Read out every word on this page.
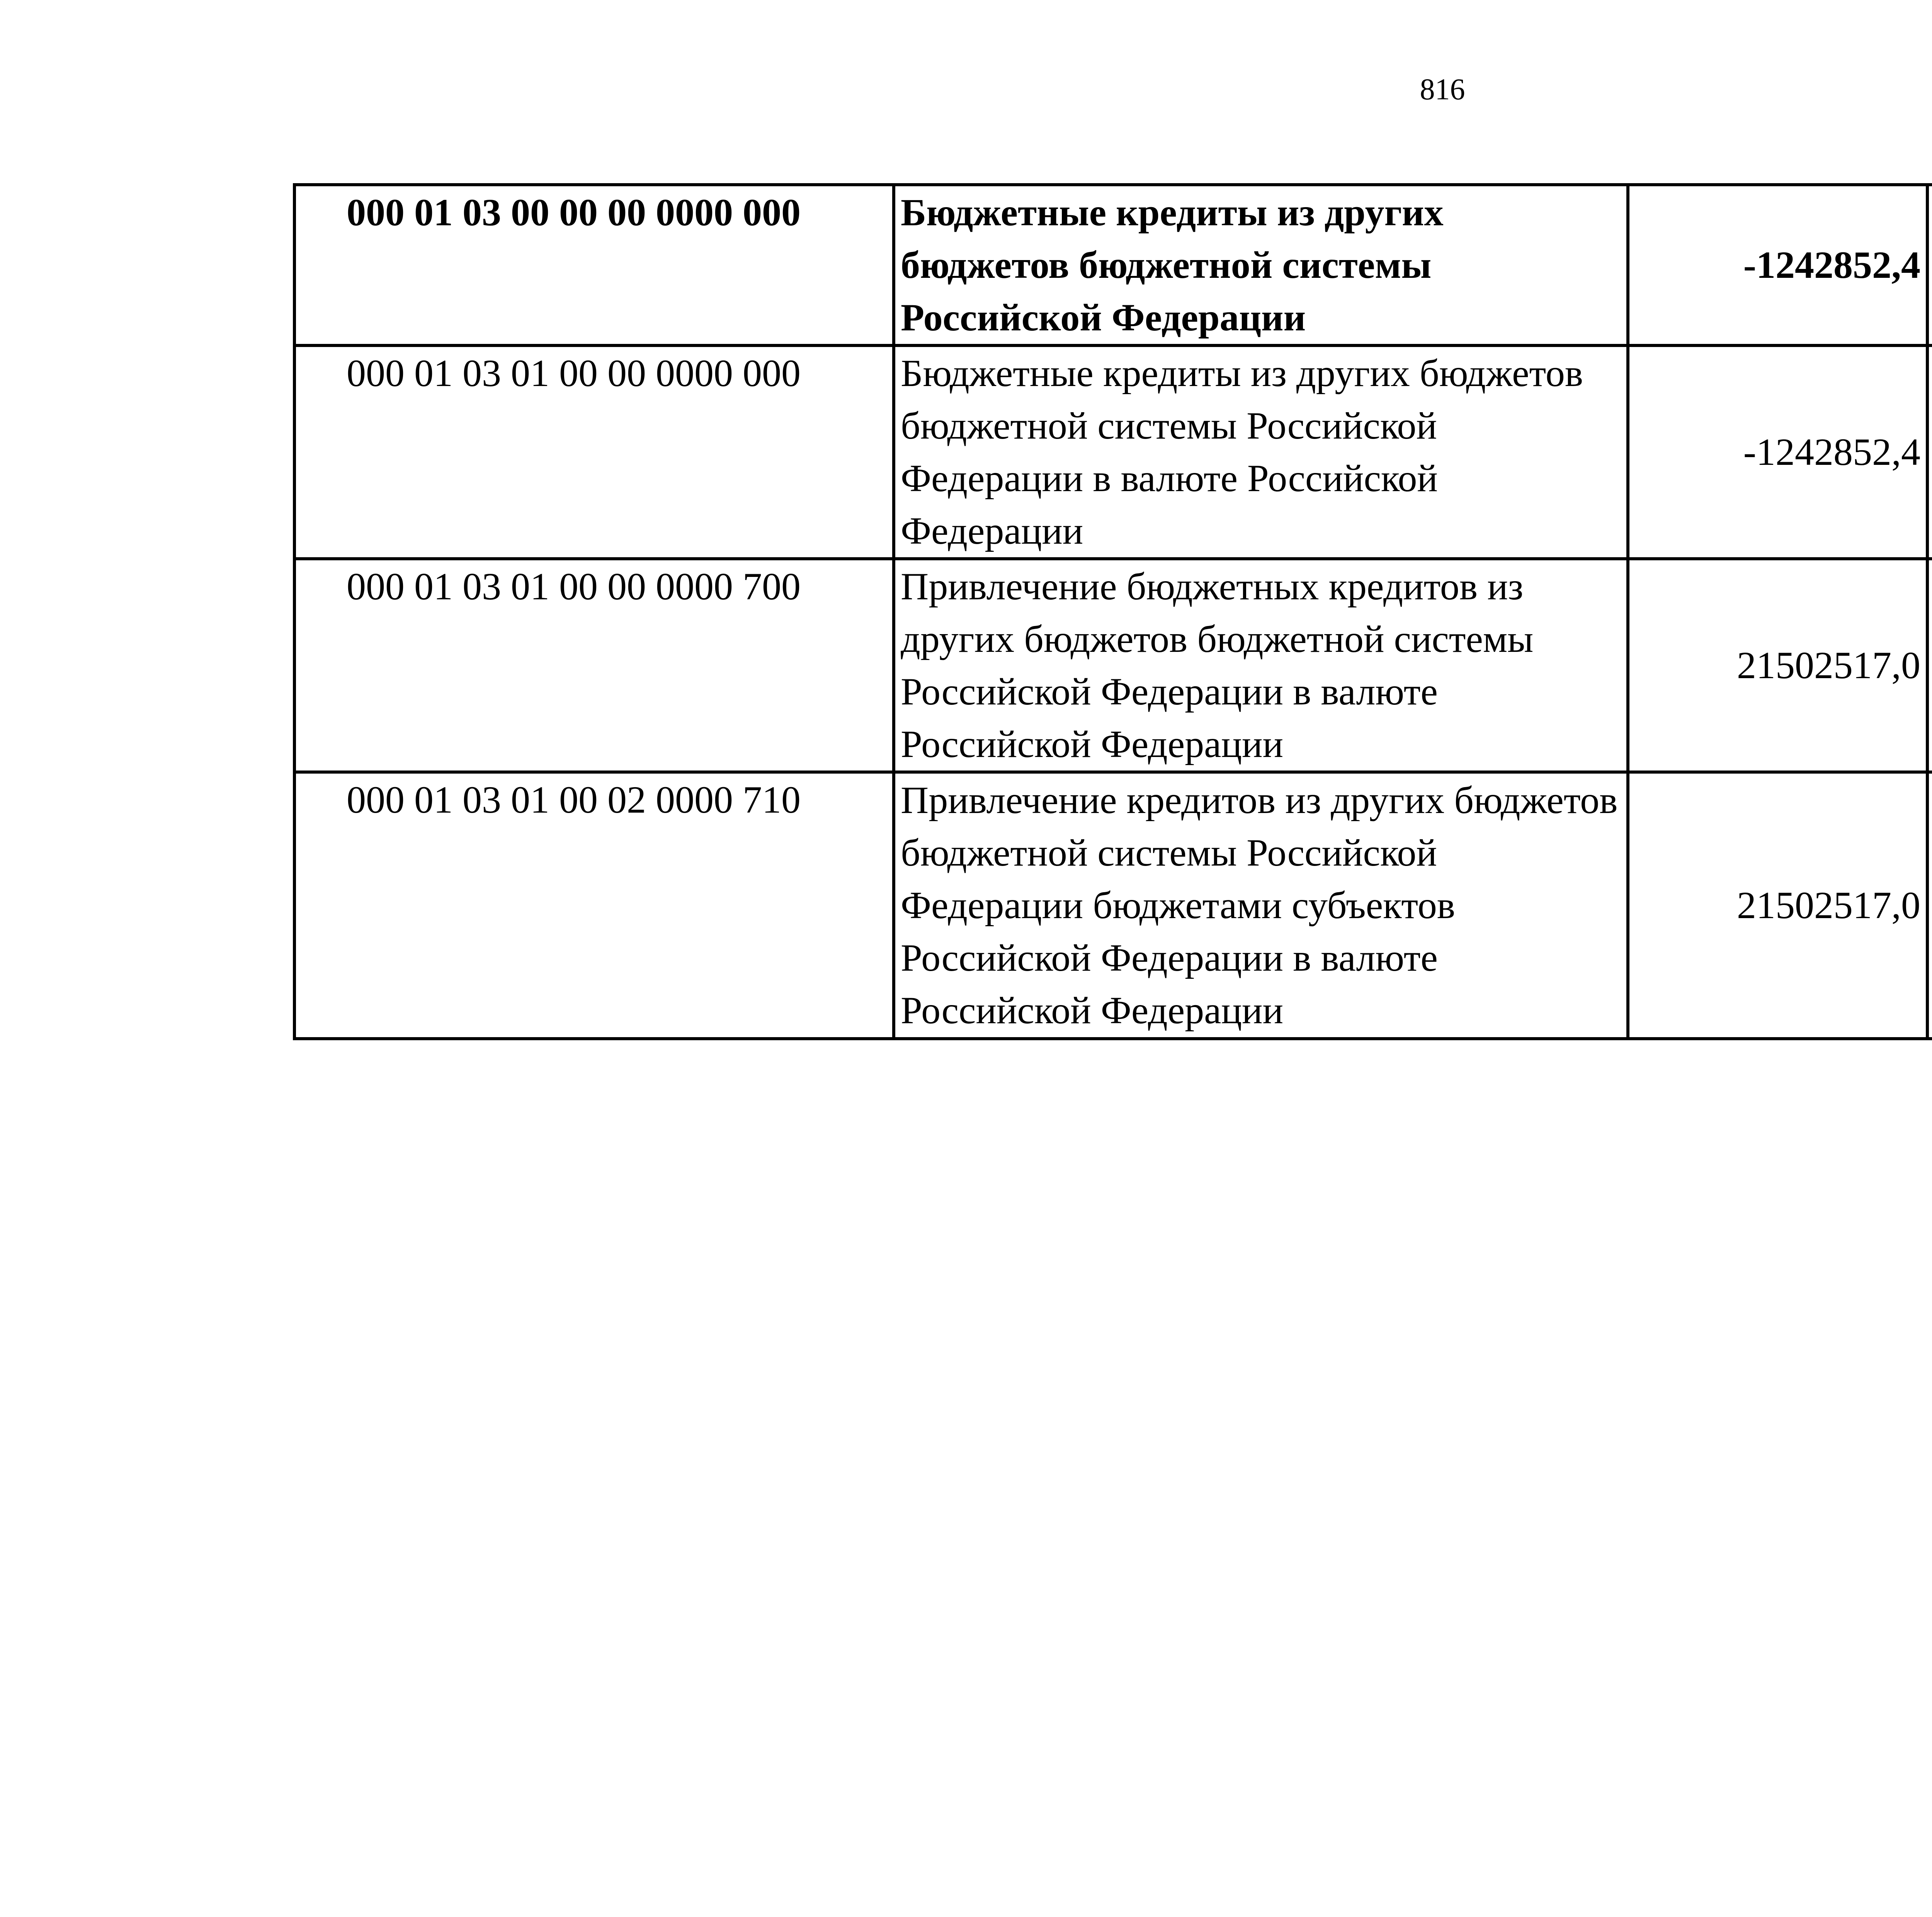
816
000 01 03 00 00 00 0000 000	Бюджетные кредиты из других бюджетов бюджетной системы Российской Федерации	-1242852,4		
000 01 03 01 00 00 0000 000	Бюджетные кредиты из других бюджетов бюджетной системы Российской Федерации в валюте Российской Федерации	-1242852,4		
000 01 03 01 00 00 0000 700	Привлечение бюджетных кредитов из других бюджетов бюджетной системы Российской Федерации в валюте Российской Федерации	21502517,0		
000 01 03 01 00 02 0000 710	Привлечение кредитов из других бюджетов бюджетной системы Российской Федерации бюджетами субъектов Российской Федерации в валюте Российской Федерации	21502517,0		
